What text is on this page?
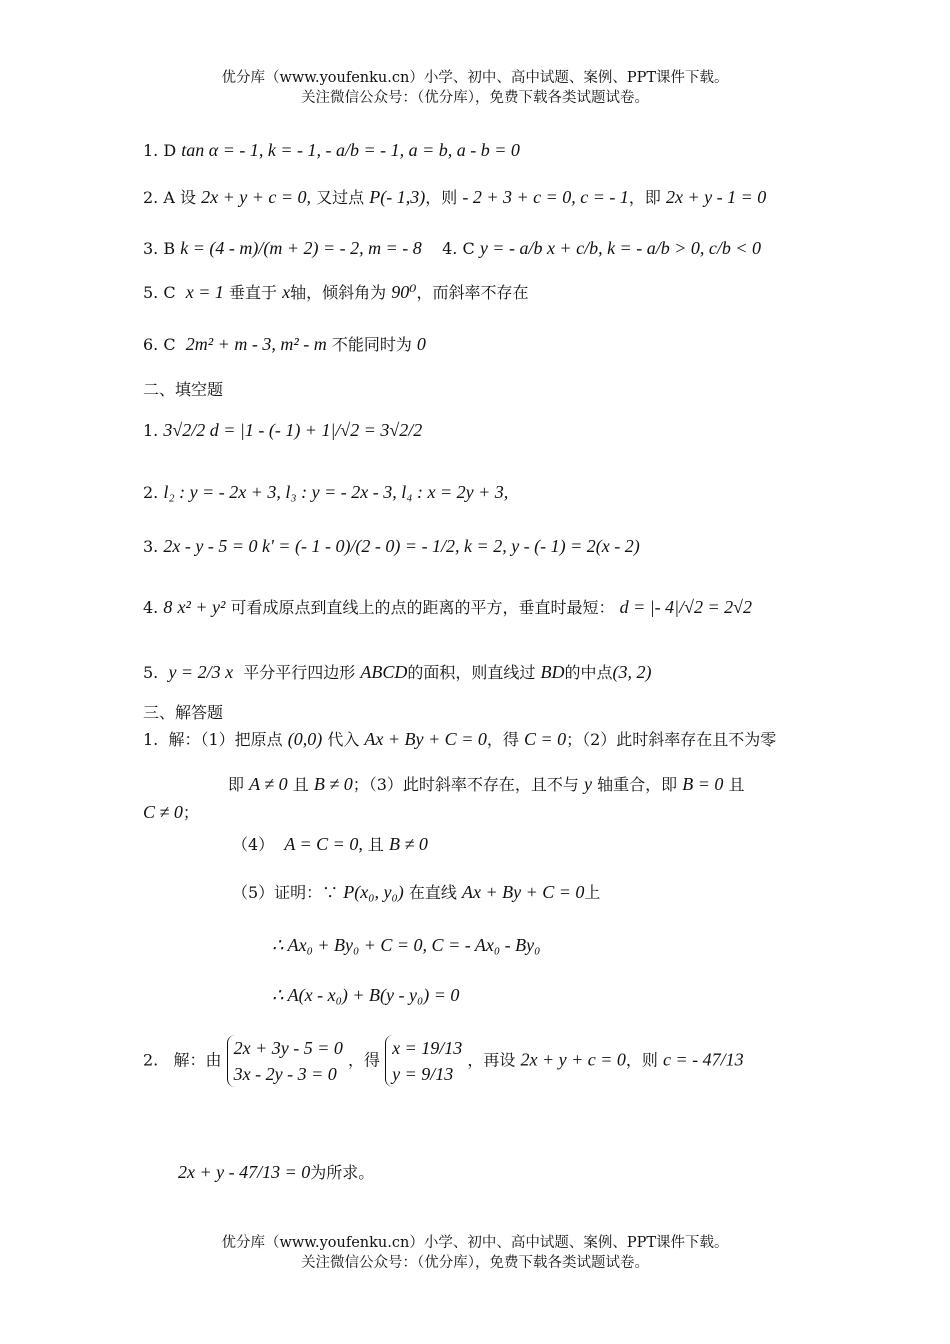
优分库（www.youfenku.cn）小学、初中、高中试题、案例、PPT课件下载。
关注微信公众号：（优分库），免费下载各类试题试卷。
1. D tan α = - 1, k = - 1, - a/b = - 1, a = b, a - b = 0
2. A 设 2x + y + c = 0, 又过点 P(- 1,3)，则 - 2 + 3 + c = 0, c = - 1，即 2x + y - 1 = 0
3. B k = (4 - m)/(m + 2) = - 2, m = - 8 4. C y = - a/b x + c/b, k = - a/b > 0, c/b < 0
5. C x = 1 垂直于 x轴，倾斜角为 90⁰，而斜率不存在
6. C 2m² + m - 3, m² - m 不能同时为 0
二、填空题
1. 3√2/2 d = |1 - (- 1) + 1|/√2 = 3√2/2
2. l₂ : y = - 2x + 3, l₃ : y = - 2x - 3, l₄ : x = 2y + 3,
3. 2x - y - 5 = 0 k' = (- 1 - 0)/(2 - 0) = - 1/2, k = 2, y - (- 1) = 2(x - 2)
4. 8 x² + y² 可看成原点到直线上的点的距离的平方，垂直时最短： d = |- 4|/√2 = 2√2
5. y = 2/3 x 平分平行四边形 ABCD的面积，则直线过 BD的中点(3, 2)
三、解答题
1. 解：（1）把原点 (0,0) 代入 Ax + By + C = 0，得 C = 0；（2）此时斜率存在且不为零
即 A ≠ 0 且 B ≠ 0；（3）此时斜率不存在，且不与 y 轴重合，即 B = 0 且
C ≠ 0；
（4） A = C = 0, 且 B ≠ 0
（5）证明：∵ P(x₀, y₀) 在直线 Ax + By + C = 0上
∴ Ax₀ + By₀ + C = 0, C = - Ax₀ - By₀
∴ A(x - x₀) + B(y - y₀) = 0
2. 解：由
2x + 3y - 5 = 0
3x - 2y - 3 = 0
，得
x = 19/13
y = 9/13
，再设 2x + y + c = 0，则 c = - 47/13
2x + y - 47/13 = 0为所求。
优分库（www.youfenku.cn）小学、初中、高中试题、案例、PPT课件下载。
关注微信公众号：（优分库），免费下载各类试题试卷。
